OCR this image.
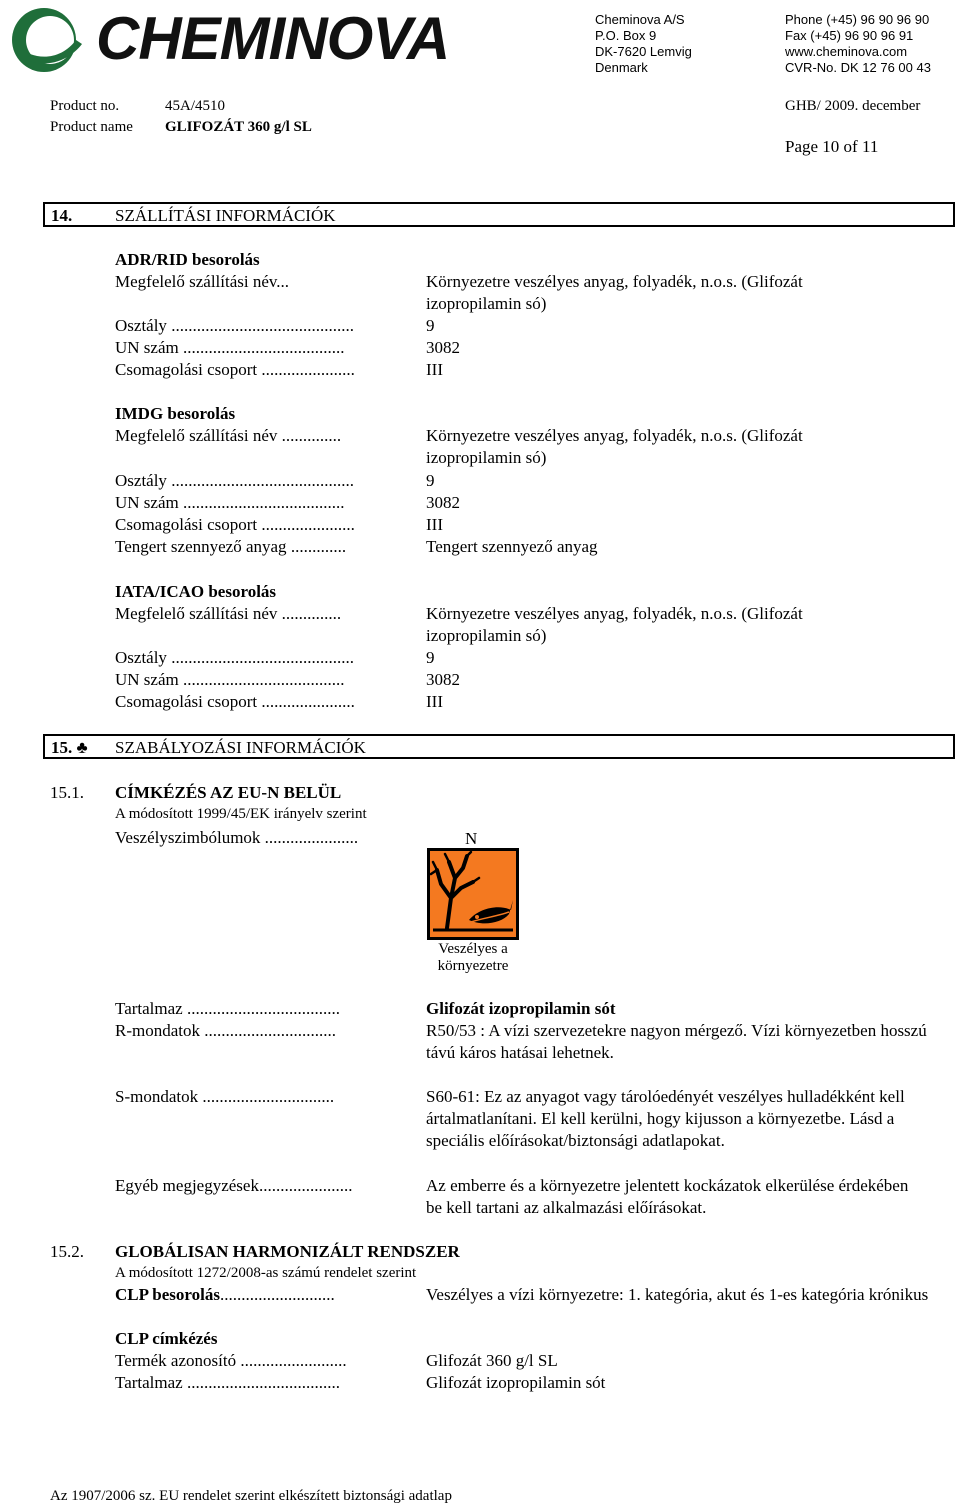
CHEMINOVA	Cheminova A/S
P.O. Box 9
DK-7620 Lemvig
Denmark
Phone (+45) 96 90 96 90
Fax (+45) 96 90 96 91
www.cheminova.com
CVR-No. DK 12 76 00 43
Product no.	45A/4510
Product name GLIFOZÁT 360 g/l SL
GHB/ 2009. december
Page 10 of 11
14.	SZÁLLÍTÁSI INFORMÁCIÓK
ADR/RID besorolás
Megfelelő szállítási név...	Környezetre veszélyes anyag, folyadék, n.o.s. (Glifozát
izopropilamin só)
Osztály ...........................................	9
UN szám ......................................	3082
Csomagolási csoport ......................	III
IMDG besorolás
Megfelelő szállítási név ..............	Környezetre veszélyes anyag, folyadék, n.o.s. (Glifozát
izopropilamin só)
Osztály ...........................................	9
UN szám ......................................	3082
Csomagolási csoport ......................	III
Tengert szennyező anyag .............	Tengert szennyező anyag
IATA/ICAO besorolás
Megfelelő szállítási név ..............	Környezetre veszélyes anyag, folyadék, n.o.s. (Glifozát
izopropilamin só)
Osztály ...........................................	9
UN szám ......................................	3082
Csomagolási csoport ......................	III
15. ♣ SZABÁLYOZÁSI INFORMÁCIÓK
15.1. CÍMKÉZÉS AZ EU-N BELÜL
A módosított 1999/45/EK irányelv szerint
Veszélyszimbólumok ......................	N
Veszélyes a
környezetre
Tartalmaz ....................................	Glifozát izopropilamin sót
R-mondatok ...............................	R50/53 : A vízi szervezetekre nagyon mérgező. Vízi környezetben hosszú távú káros hatásai lehetnek.
S-mondatok ...............................	S60-61: Ez az anyagot vagy tárolóedényét veszélyes hulladékként kell ártalmatlanítani. El kell kerülni, hogy kijusson a környezetbe. Lásd a speciális előírásokat/biztonsági adatlapokat.
Egyéb megjegyzések......................	Az emberre és a környezetre jelentett kockázatok elkerülése érdekében be kell tartani az alkalmazási előírásokat.
15.2. GLOBÁLISAN HARMONIZÁLT RENDSZER
A módosított 1272/2008-as számú rendelet szerint
CLP besorolás...........................	Veszélyes a vízi környezetre: 1. kategória, akut és 1-es kategória krónikus
CLP címkézés
Termék azonosító .........................	Glifozát 360 g/l SL
Tartalmaz ....................................	Glifozát izopropilamin sót
Az 1907/2006 sz. EU rendelet szerint elkészített biztonsági adatlap
